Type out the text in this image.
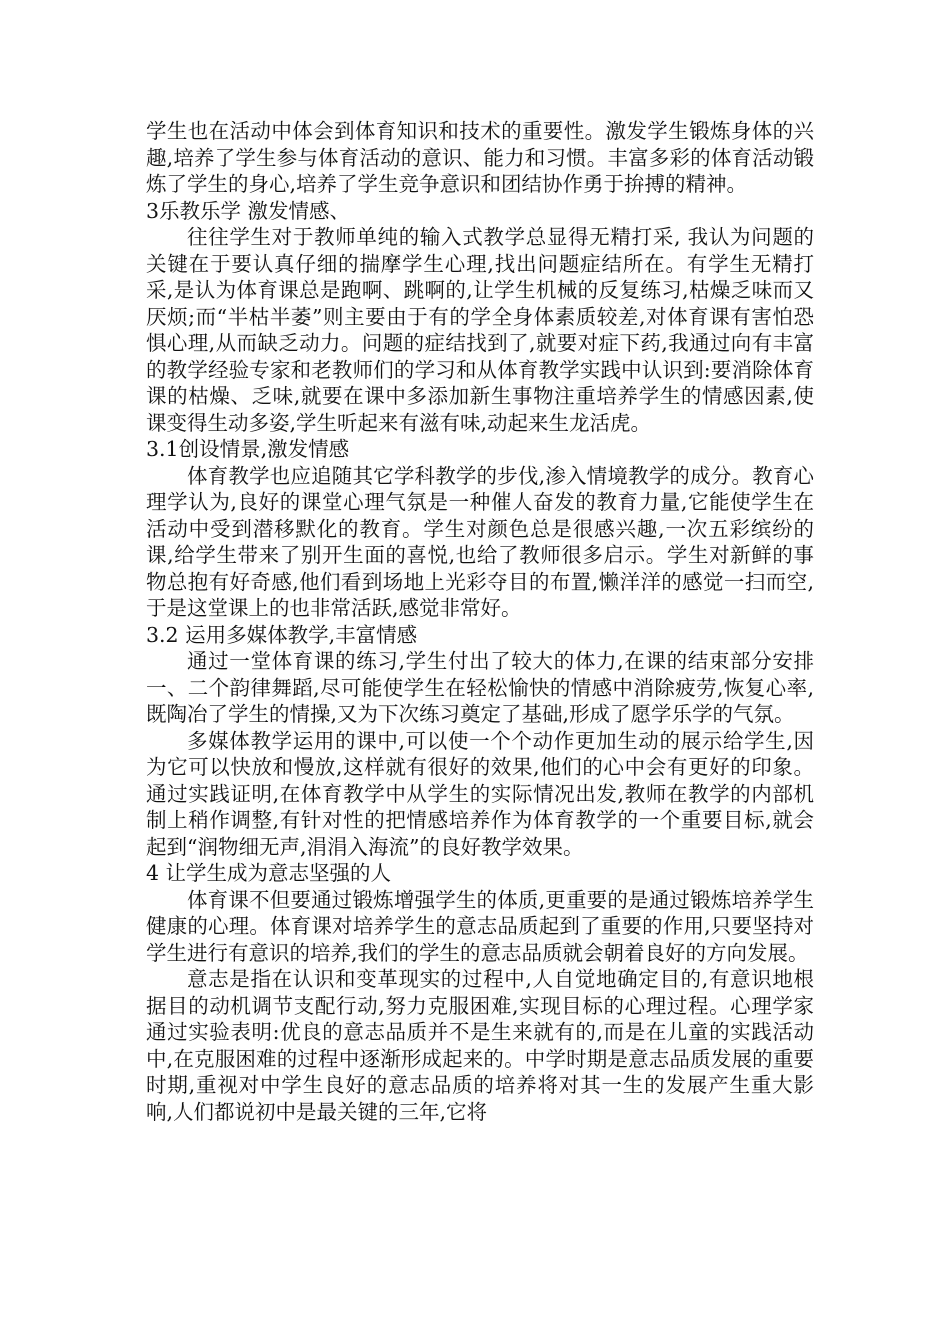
学生也在活动中体会到体育知识和技术的重要性。激发学生锻炼身体的兴趣,培养了学生参与体育活动的意识、能力和习惯。丰富多彩的体育活动锻炼了学生的身心,培养了学生竞争意识和团结协作勇于拚搏的精神。

3乐教乐学 激发情感、

往往学生对于教师单纯的输入式教学总显得无精打采, 我认为问题的关键在于要认真仔细的揣摩学生心理,找出问题症结所在。有学生无精打采,是认为体育课总是跑啊、跳啊的,让学生机械的反复练习,枯燥乏味而又厌烦;而“半枯半萎”则主要由于有的学全身体素质较差,对体育课有害怕恐惧心理,从而缺乏动力。问题的症结找到了,就要对症下药,我通过向有丰富的教学经验专家和老教师们的学习和从体育教学实践中认识到:要消除体育课的枯燥、乏味,就要在课中多添加新生事物注重培养学生的情感因素,使课变得生动多姿,学生听起来有滋有味,动起来生龙活虎。

3.1创设情景,激发情感

体育教学也应追随其它学科教学的步伐,渗入情境教学的成分。教育心理学认为,良好的课堂心理气氛是一种催人奋发的教育力量,它能使学生在活动中受到潜移默化的教育。学生对颜色总是很感兴趣,一次五彩缤纷的课,给学生带来了别开生面的喜悦,也给了教师很多启示。学生对新鲜的事物总抱有好奇感,他们看到场地上光彩夺目的布置,懒洋洋的感觉一扫而空,于是这堂课上的也非常活跃,感觉非常好。

3.2 运用多媒体教学,丰富情感

通过一堂体育课的练习,学生付出了较大的体力,在课的结束部分安排一、二个韵律舞蹈,尽可能使学生在轻松愉快的情感中消除疲劳,恢复心率,既陶冶了学生的情操,又为下次练习奠定了基础,形成了愿学乐学的气氛。

多媒体教学运用的课中,可以使一个个动作更加生动的展示给学生,因为它可以快放和慢放,这样就有很好的效果,他们的心中会有更好的印象。通过实践证明,在体育教学中从学生的实际情况出发,教师在教学的内部机制上稍作调整,有针对性的把情感培养作为体育教学的一个重要目标,就会起到“润物细无声,涓涓入海流”的良好教学效果。

4 让学生成为意志坚强的人

体育课不但要通过锻炼增强学生的体质,更重要的是通过锻炼培养学生健康的心理。体育课对培养学生的意志品质起到了重要的作用,只要坚持对学生进行有意识的培养,我们的学生的意志品质就会朝着良好的方向发展。

意志是指在认识和变革现实的过程中,人自觉地确定目的,有意识地根据目的动机调节支配行动,努力克服困难,实现目标的心理过程。心理学家通过实验表明:优良的意志品质并不是生来就有的,而是在儿童的实践活动中,在克服困难的过程中逐渐形成起来的。中学时期是意志品质发展的重要时期,重视对中学生良好的意志品质的培养将对其一生的发展产生重大影响,人们都说初中是最关键的三年,它将
